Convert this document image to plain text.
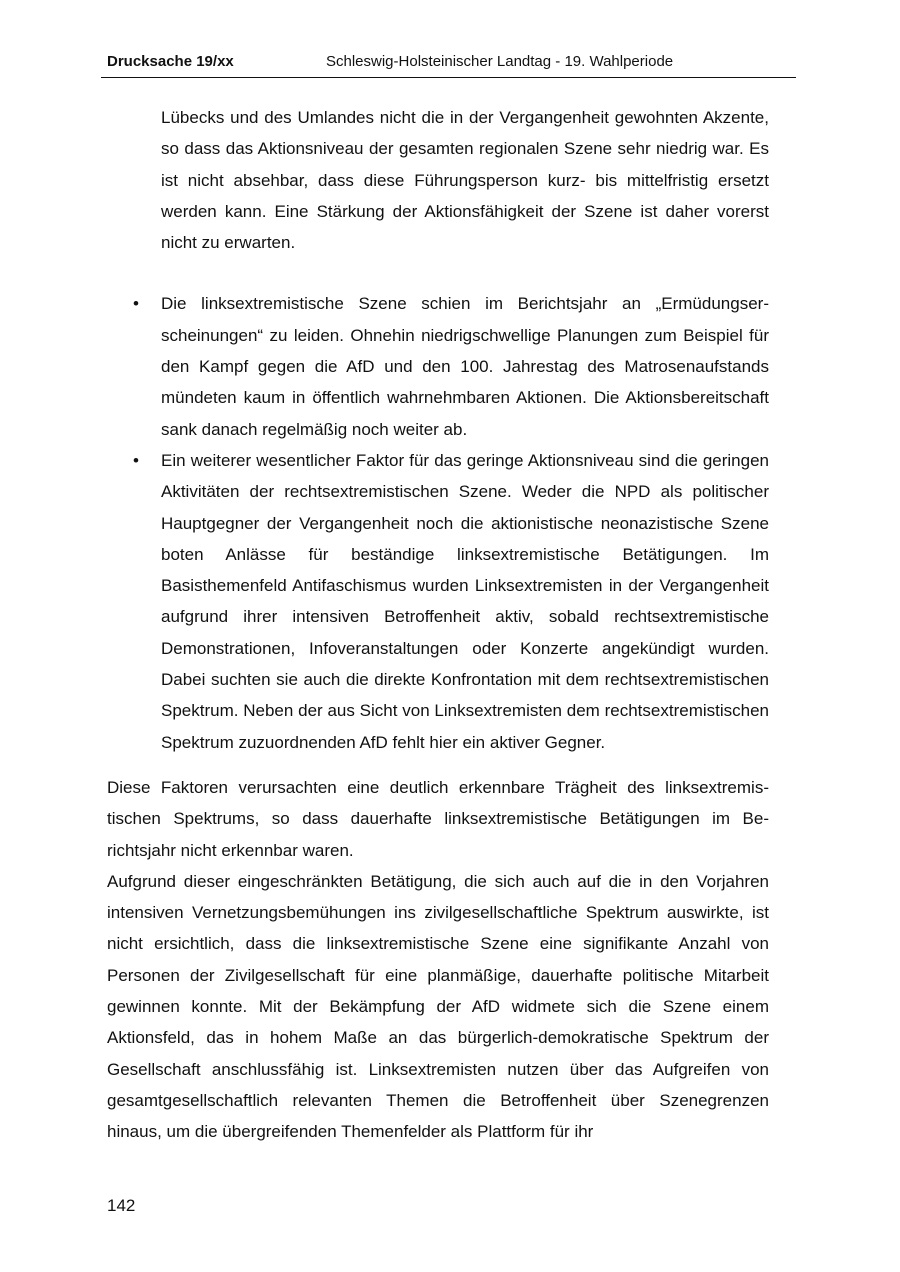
Drucksache 19/xx	Schleswig-Holsteinischer Landtag - 19. Wahlperiode

Lübecks und des Umlandes nicht die in der Vergangenheit gewohnten Akzente, so dass das Aktionsniveau der gesamten regionalen Szene sehr niedrig war. Es ist nicht absehbar, dass diese Führungsperson kurz- bis mittelfristig ersetzt werden kann. Eine Stärkung der Aktionsfähigkeit der Szene ist daher vorerst nicht zu erwarten.

• Die linksextremistische Szene schien im Berichtsjahr an „Ermüdungserscheinungen“ zu leiden. Ohnehin niedrigschwellige Planungen zum Beispiel für den Kampf gegen die AfD und den 100. Jahrestag des Matrosenaufstands mündeten kaum in öffentlich wahrnehmbaren Aktionen. Die Aktionsbereitschaft sank danach regelmäßig noch weiter ab.
• Ein weiterer wesentlicher Faktor für das geringe Aktionsniveau sind die geringen Aktivitäten der rechtsextremistischen Szene. Weder die NPD als politischer Hauptgegner der Vergangenheit noch die aktionistische neonazistische Szene boten Anlässe für beständige linksextremistische Betätigungen. Im Basisthemenfeld Antifaschismus wurden Linksextremisten in der Vergangenheit aufgrund ihrer intensiven Betroffenheit aktiv, sobald rechtsextremistische Demonstrationen, Infoveranstaltungen oder Konzerte angekündigt wurden. Dabei suchten sie auch die direkte Konfrontation mit dem rechtsextremistischen Spektrum. Neben der aus Sicht von Linksextremisten dem rechtsextremistischen Spektrum zuzuordnenden AfD fehlt hier ein aktiver Gegner.

Diese Faktoren verursachten eine deutlich erkennbare Trägheit des linksextremistischen Spektrums, so dass dauerhafte linksextremistische Betätigungen im Berichtsjahr nicht erkennbar waren.

Aufgrund dieser eingeschränkten Betätigung, die sich auch auf die in den Vorjahren intensiven Vernetzungsbemühungen ins zivilgesellschaftliche Spektrum auswirkte, ist nicht ersichtlich, dass die linksextremistische Szene eine signifikante Anzahl von Personen der Zivilgesellschaft für eine planmäßige, dauerhafte politische Mitarbeit gewinnen konnte. Mit der Bekämpfung der AfD widmete sich die Szene einem Aktionsfeld, das in hohem Maße an das bürgerlich-demokratische Spektrum der Gesellschaft anschlussfähig ist. Linksextremisten nutzen über das Aufgreifen von gesamtgesellschaftlich relevanten Themen die Betroffenheit über Szenegrenzen hinaus, um die übergreifenden Themenfelder als Plattform für ihr

142
